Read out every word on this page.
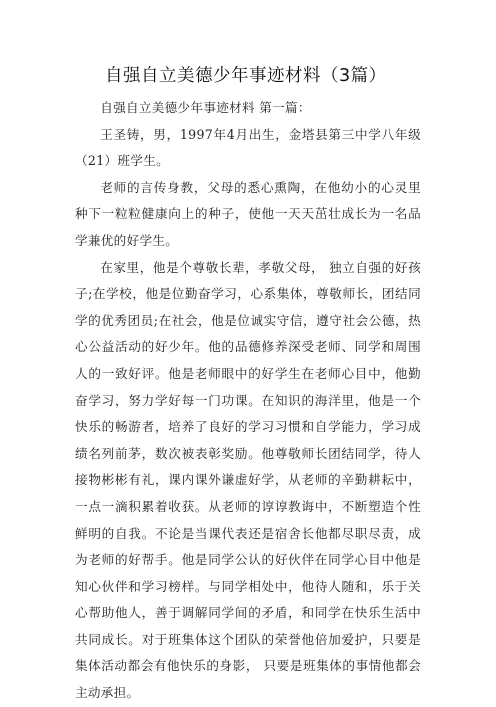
自强自立美德少年事迹材料（3篇）

自强自立美德少年事迹材料 第一篇：

王圣铸，男，1997年4月出生，金塔县第三中学八年级（21）班学生。

老师的言传身教，父母的悉心熏陶，在他幼小的心灵里种下一粒粒健康向上的种子，使他一天天茁壮成长为一名品学兼优的好学生。

在家里，他是个尊敬长辈，孝敬父母， 独立自强的好孩子;在学校，他是位勤奋学习，心系集体，尊敬师长，团结同学的优秀团员;在社会，他是位诚实守信，遵守社会公德，热心公益活动的好少年。他的品德修养深受老师、同学和周围人的一致好评。他是老师眼中的好学生在老师心目中，他勤奋学习，努力学好每一门功课。在知识的海洋里，他是一个快乐的畅游者，培养了良好的学习习惯和自学能力，学习成绩名列前茅，数次被表彰奖励。他尊敬师长团结同学，待人接物彬彬有礼，课内课外谦虚好学，从老师的辛勤耕耘中，一点一滴积累着收获。从老师的谆谆教诲中，不断塑造个性鲜明的自我。不论是当课代表还是宿舍长他都尽职尽责，成为老师的好帮手。他是同学公认的好伙伴在同学心目中他是知心伙伴和学习榜样。与同学相处中，他待人随和，乐于关心帮助他人，善于调解同学间的矛盾，和同学在快乐生活中共同成长。对于班集体这个团队的荣誉他倍加爱护，只要是集体活动都会有他快乐的身影， 只要是班集体的事情他都会主动承担。
